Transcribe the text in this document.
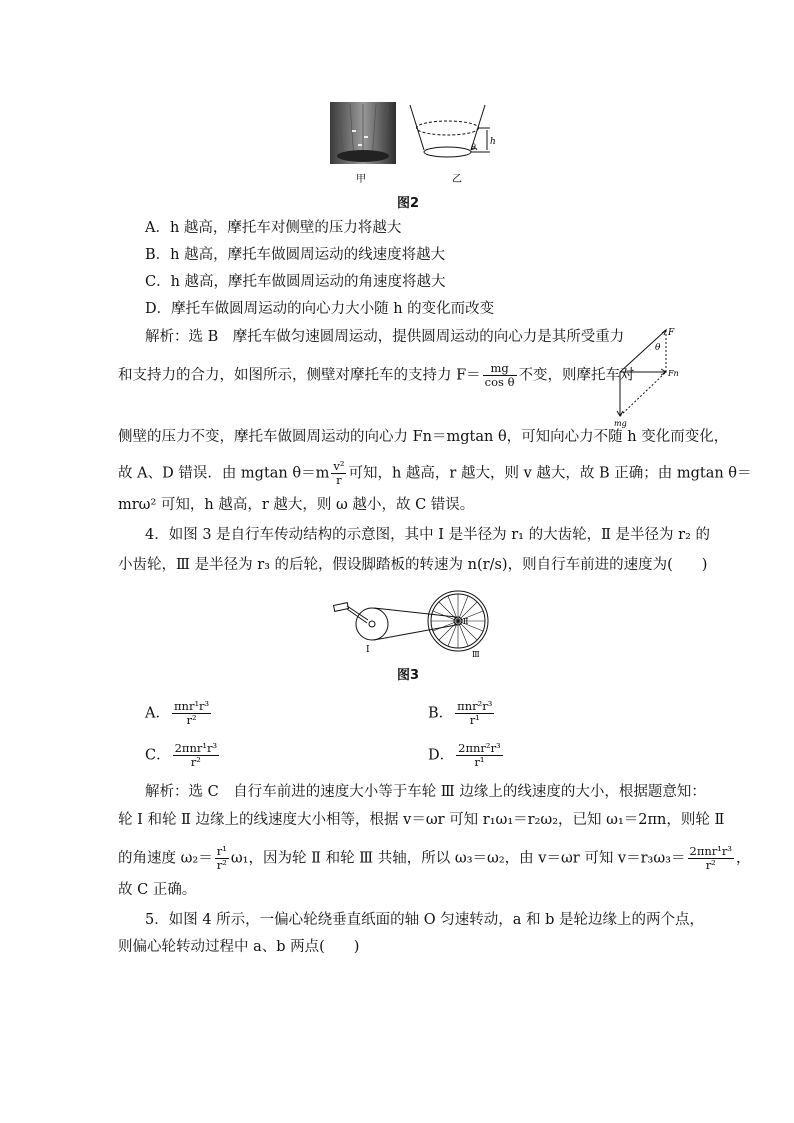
h
θ
甲	乙
图2
A．h 越高，摩托车对侧壁的压力将越大
B．h 越高，摩托车做圆周运动的线速度将越大
C．h 越高，摩托车做圆周运动的角速度将越大
D．摩托车做圆周运动的向心力大小随 h 的变化而改变
解析：选 B　摩托车做匀速圆周运动，提供圆周运动的向心力是其所受重力
和支持力的合力，如图所示，侧壁对摩托车的支持力 $F= \frac{mg}{\text{cos θ}}$ 不变，则摩托车对
F
θ
Fn
mg
侧壁的压力不变，摩托车做圆周运动的向心力 Fn＝mgtan θ，可知向心力不随 h 变化而变化，
故 A、D 错误．由 mgtan $\theta=m \frac{\text{v²}}{r}$ 可知，h 越高，r 越大，则 v 越大，故 B 正确；由 mgtan θ＝
mrω² 可知，h 越高，r 越大，则 ω 越小，故 C 错误。
4．如图 3 是自行车传动结构的示意图，其中 Ⅰ 是半径为 r₁ 的大齿轮，Ⅱ 是半径为 r₂ 的
小齿轮，Ⅲ 是半径为 r₃ 的后轮，假设脚踏板的转速为 n(r/s)，则自行车前进的速度为(　　)
Ⅰ
Ⅱ
Ⅲ
图3
A． $\frac{\text{πnr¹r³}}{\text{r²}}$	B． $\frac{\text{πnr²r³}}{\text{r¹}}$
C． $\frac{\text{2πnr¹r³}}{\text{r²}}$	D． $\frac{\text{2πnr²r³}}{\text{r¹}}$
解析：选 C　自行车前进的速度大小等于车轮 Ⅲ 边缘上的线速度的大小，根据题意知：
轮 Ⅰ 和轮 Ⅱ 边缘上的线速度大小相等，根据 v＝ωr 可知 r₁ω₁＝r₂ω₂，已知 ω₁＝2πn，则轮 Ⅱ
的角速度 $\omega_2= \frac{\text{r¹}}{\text{r²}} \omega_1$，因为轮 Ⅱ 和轮 Ⅲ 共轴，所以 ω₃＝ω₂，由 v＝ωr 可知 $v=r_3\omega_3= \frac{\text{2πnr¹r³}}{\text{r²}}$ ，
故 C 正确。
5．如图 4 所示，一偏心轮绕垂直纸面的轴 O 匀速转动，a 和 b 是轮边缘上的两个点，
则偏心轮转动过程中 a、b 两点(　　)
